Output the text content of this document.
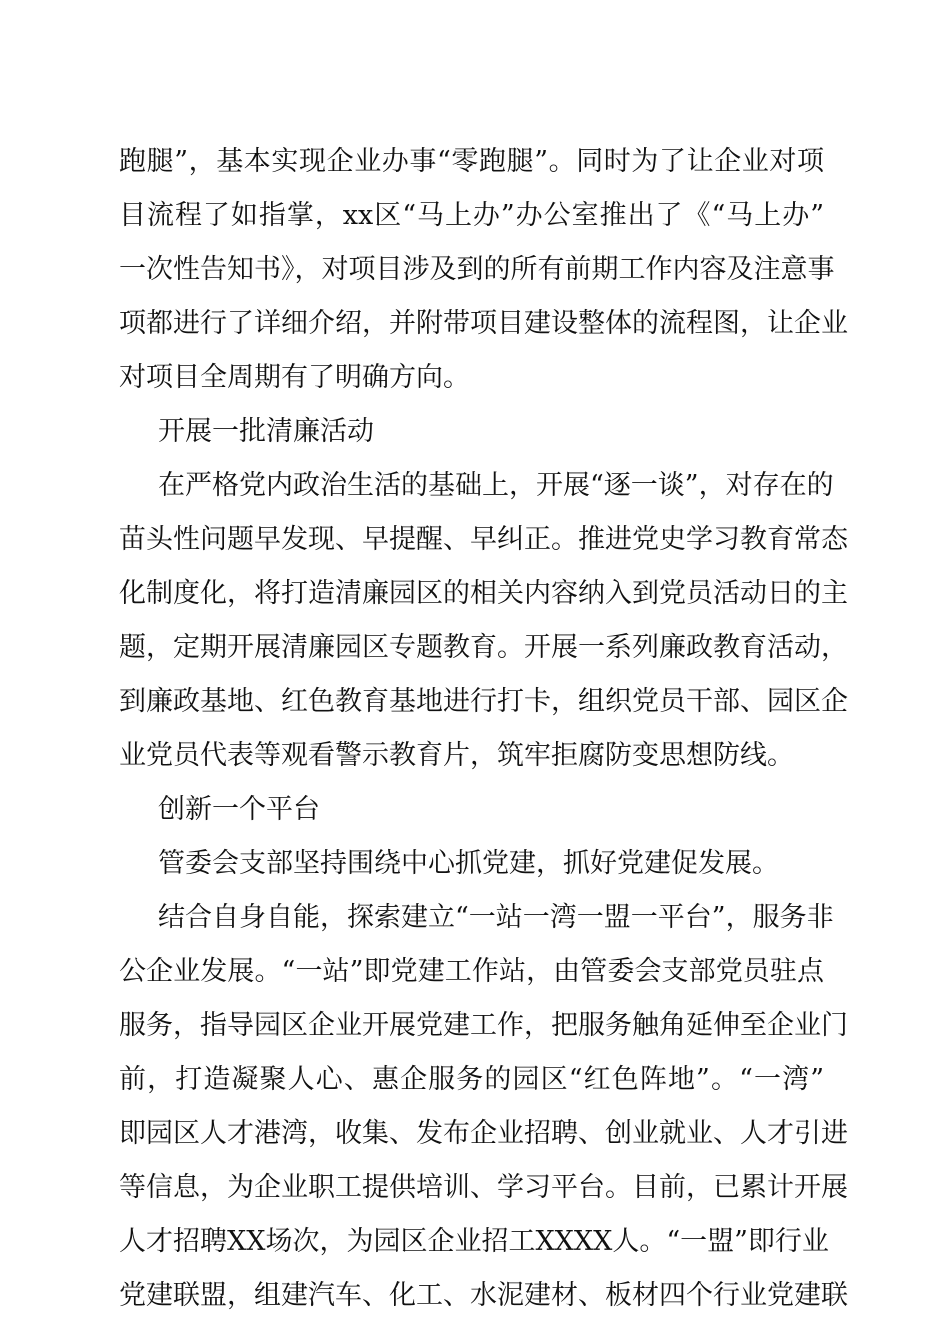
跑腿”，基本实现企业办事“零跑腿”。同时为了让企业对项
目流程了如指掌，xx区“马上办”办公室推出了《“马上办”
一次性告知书》，对项目涉及到的所有前期工作内容及注意事
项都进行了详细介绍，并附带项目建设整体的流程图，让企业
对项目全周期有了明确方向。
开展一批清廉活动
在严格党内政治生活的基础上，开展“逐一谈”，对存在的
苗头性问题早发现、早提醒、早纠正。推进党史学习教育常态
化制度化，将打造清廉园区的相关内容纳入到党员活动日的主
题，定期开展清廉园区专题教育。开展一系列廉政教育活动，
到廉政基地、红色教育基地进行打卡，组织党员干部、园区企
业党员代表等观看警示教育片，筑牢拒腐防变思想防线。
创新一个平台
管委会支部坚持围绕中心抓党建，抓好党建促发展。
结合自身自能，探索建立“一站一湾一盟一平台”，服务非
公企业发展。“一站”即党建工作站，由管委会支部党员驻点
服务，指导园区企业开展党建工作，把服务触角延伸至企业门
前，打造凝聚人心、惠企服务的园区“红色阵地”。“一湾”
即园区人才港湾，收集、发布企业招聘、创业就业、人才引进
等信息，为企业职工提供培训、学习平台。目前，已累计开展
人才招聘XX场次，为园区企业招工XXXX人。“一盟”即行业
党建联盟，组建汽车、化工、水泥建材、板材四个行业党建联
